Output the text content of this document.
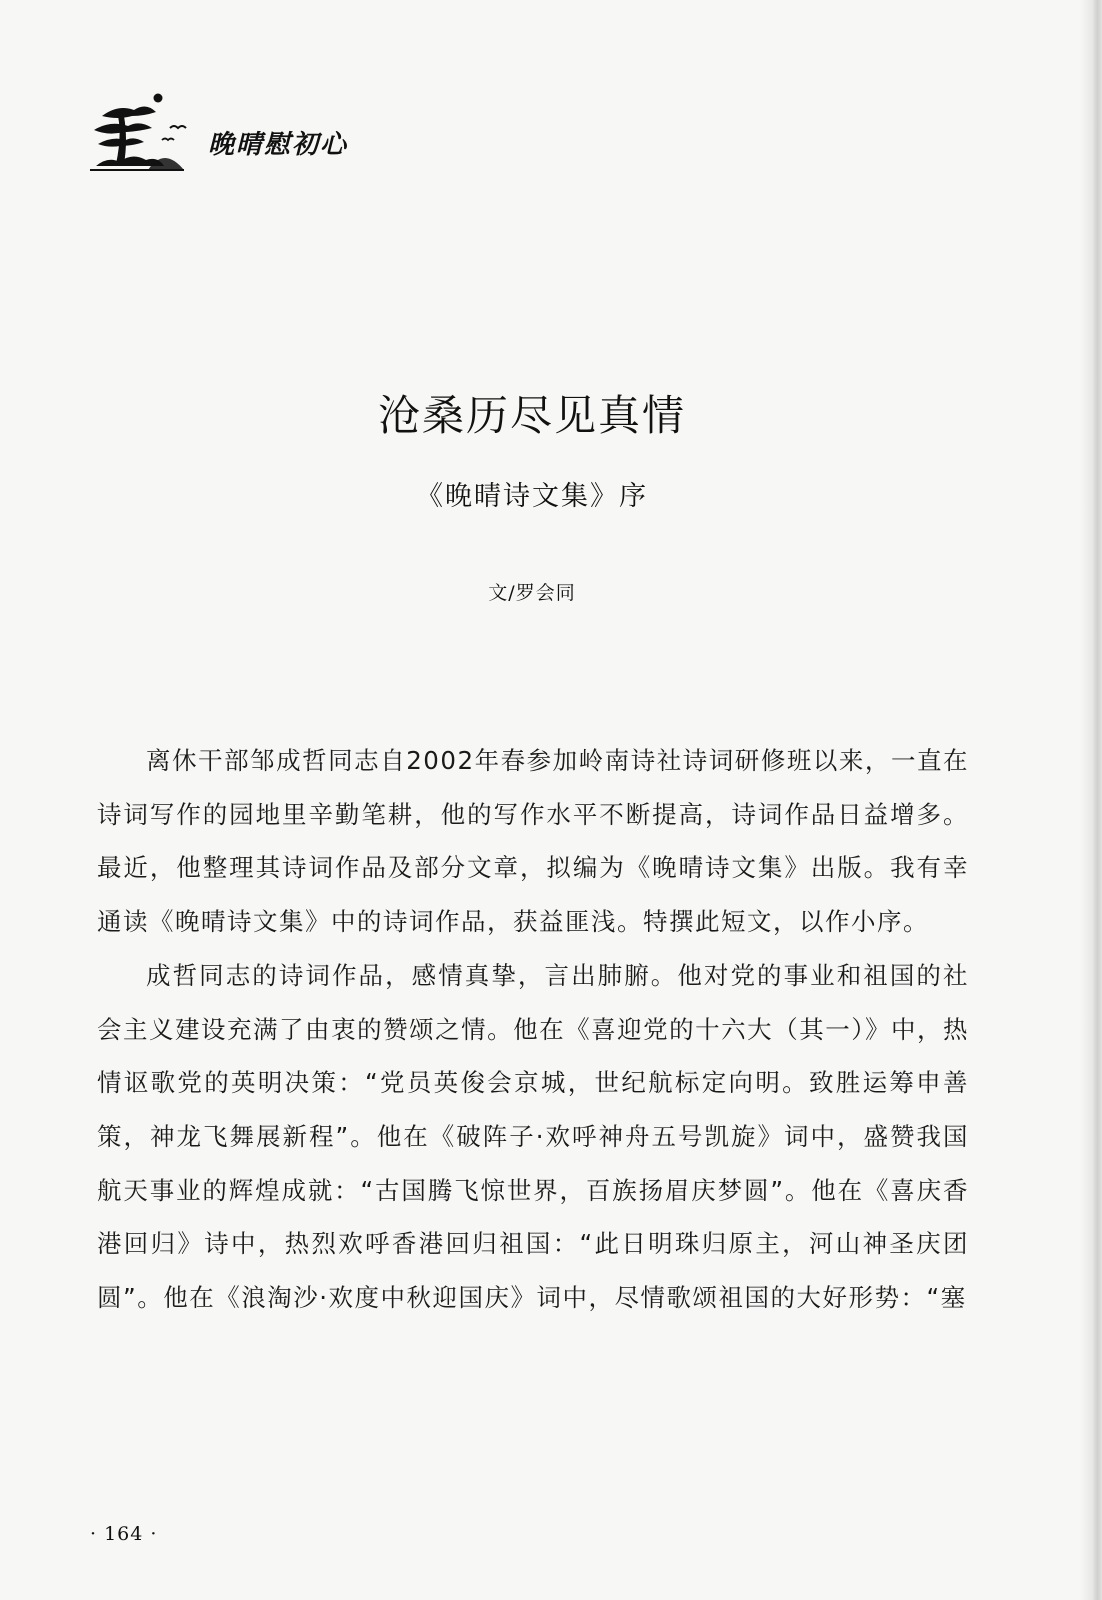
晚晴慰初心
沧桑历尽见真情
《晚晴诗文集》序
文/罗会同

离休干部邹成哲同志自2002年春参加岭南诗社诗词研修班以来，一直在诗词写作的园地里辛勤笔耕，他的写作水平不断提高，诗词作品日益增多。最近，他整理其诗词作品及部分文章，拟编为《晚晴诗文集》出版。我有幸通读《晚晴诗文集》中的诗词作品，获益匪浅。特撰此短文，以作小序。

成哲同志的诗词作品，感情真挚，言出肺腑。他对党的事业和祖国的社会主义建设充满了由衷的赞颂之情。他在《喜迎党的十六大（其一）》中，热情讴歌党的英明决策：“党员英俊会京城，世纪航标定向明。致胜运筹申善策，神龙飞舞展新程”。他在《破阵子·欢呼神舟五号凯旋》词中，盛赞我国航天事业的辉煌成就：“古国腾飞惊世界，百族扬眉庆梦圆”。他在《喜庆香港回归》诗中，热烈欢呼香港回归祖国：“此日明珠归原主，河山神圣庆团圆”。他在《浪淘沙·欢度中秋迎国庆》词中，尽情歌颂祖国的大好形势：“塞

· 164 ·
